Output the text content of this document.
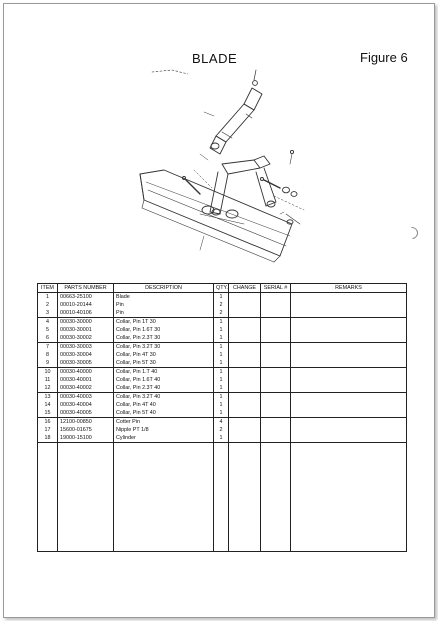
BLADE	Figure 6
ITEM	PARTS NUMBER	DESCRIPTION	QTY.	CHANGE	SERIAL #	REMARKS
1	00663-25100	Blade	1			
2	00010-20144	Pin	2			
3	00010-40106	Pin	2			
4	00030-30000	Collar, Pin 1T 30	1			
5	00030-30001	Collar, Pin 1.6T 30	1			
6	00030-30002	Collar, Pin 2.3T 30	1			
7	00030-30003	Collar, Pin 3.2T 30	1			
8	00030-30004	Collar, Pin 4T 30	1			
9	00030-30005	Collar, Pin 5T 30	1			
10	00030-40000	Collar, Pin 1.T 40	1			
11	00030-40001	Collar, Pin 1.6T 40	1			
12	00030-40002	Collar, Pin 2.3T 40	1			
13	00030-40003	Collar, Pin 3.2T 40	1			
14	00030-40004	Collar, Pin 4T 40	1			
15	00030-40005	Collar, Pin 5T 40	1			
16	12100-00850	Cotter Pin	4			
17	15600-01675	Nipple PT 1/8	2			
18	19000-15100	Cylinder	1			
